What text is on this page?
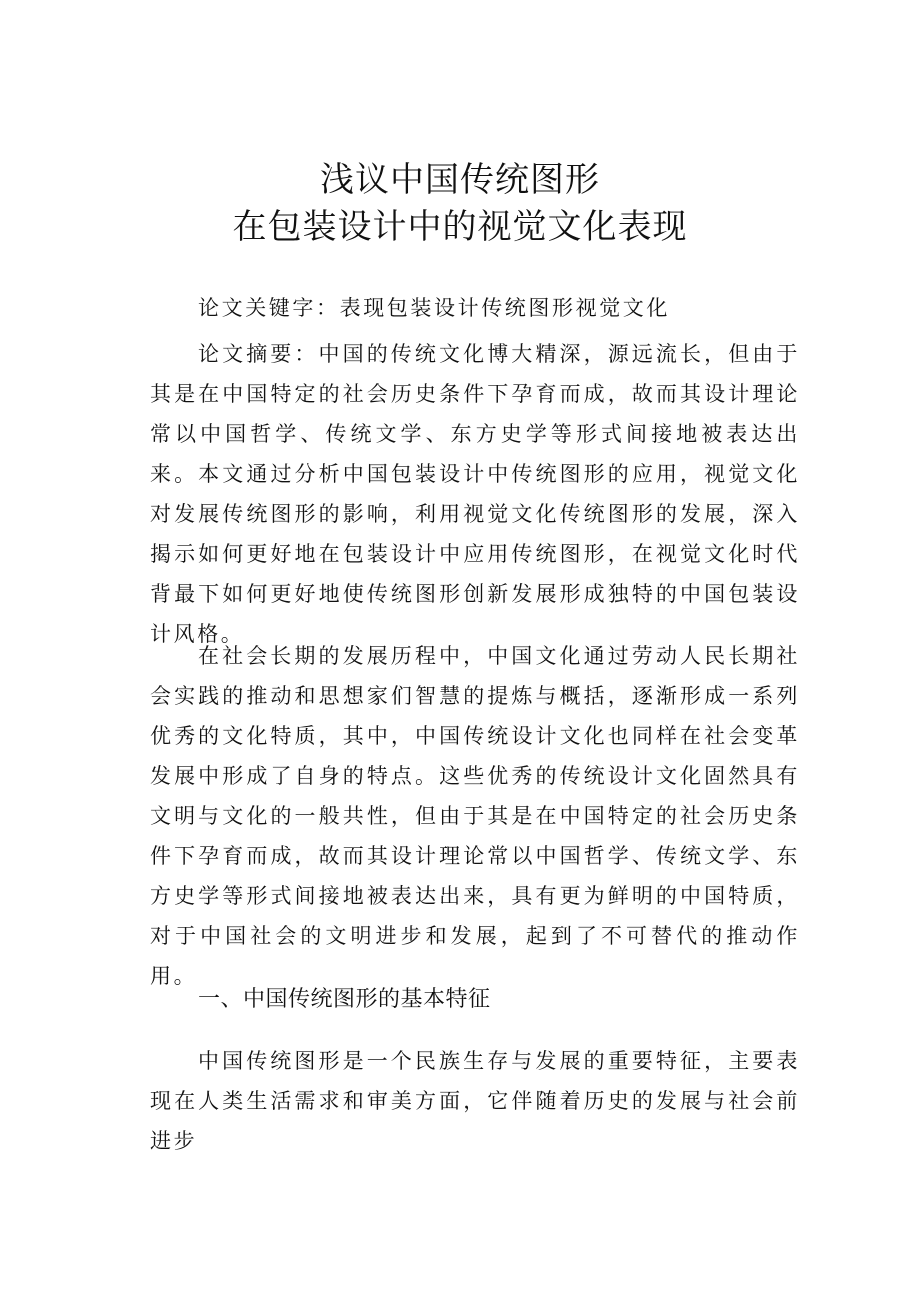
浅议中国传统图形
在包装设计中的视觉文化表现

论文关键字：表现包装设计传统图形视觉文化

论文摘要：中国的传统文化博大精深，源远流长，但由于其是在中国特定的社会历史条件下孕育而成，故而其设计理论常以中国哲学、传统文学、东方史学等形式间接地被表达出来。本文通过分析中国包装设计中传统图形的应用，视觉文化对发展传统图形的影响，利用视觉文化传统图形的发展，深入揭示如何更好地在包装设计中应用传统图形，在视觉文化时代背最下如何更好地使传统图形创新发展形成独特的中国包装设计风格。

在社会长期的发展历程中，中国文化通过劳动人民长期社会实践的推动和思想家们智慧的提炼与概括，逐渐形成一系列优秀的文化特质，其中，中国传统设计文化也同样在社会变革发展中形成了自身的特点。这些优秀的传统设计文化固然具有文明与文化的一般共性，但由于其是在中国特定的社会历史条件下孕育而成，故而其设计理论常以中国哲学、传统文学、东方史学等形式间接地被表达出来，具有更为鲜明的中国特质，对于中国社会的文明进步和发展，起到了不可替代的推动作用。

一、中国传统图形的基本特征

中国传统图形是一个民族生存与发展的重要特征，主要表现在人类生活需求和审美方面，它伴随着历史的发展与社会前进步
